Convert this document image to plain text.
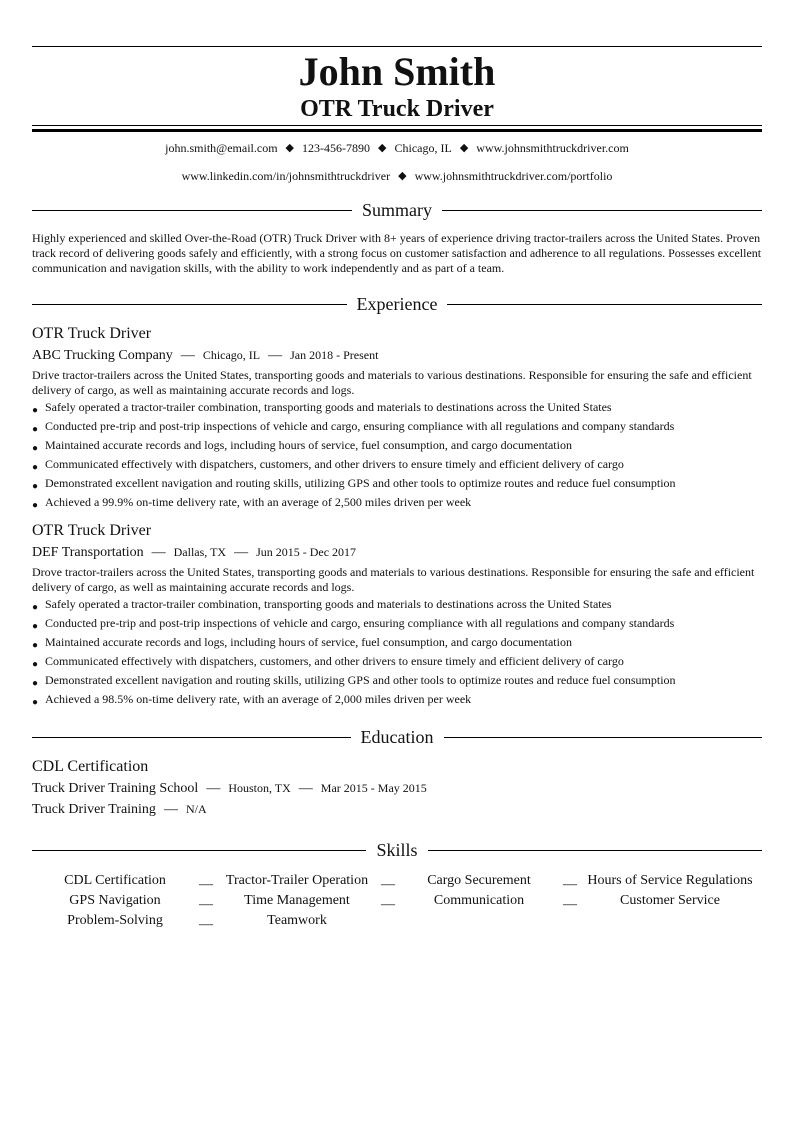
John Smith
OTR Truck Driver
john.smith@email.com ◆ 123-456-7890 ◆ Chicago, IL ◆ www.johnsmithtruckdriver.com
www.linkedin.com/in/johnsmithtruckdriver ◆ www.johnsmithtruckdriver.com/portfolio
Summary
Highly experienced and skilled Over-the-Road (OTR) Truck Driver with 8+ years of experience driving tractor-trailers across the United States. Proven track record of delivering goods safely and efficiently, with a strong focus on customer satisfaction and adherence to all regulations. Possesses excellent communication and navigation skills, with the ability to work independently and as part of a team.
Experience
OTR Truck Driver
ABC Trucking Company — Chicago, IL — Jan 2018 - Present
Drive tractor-trailers across the United States, transporting goods and materials to various destinations. Responsible for ensuring the safe and efficient delivery of cargo, as well as maintaining accurate records and logs.
● Safely operated a tractor-trailer combination, transporting goods and materials to destinations across the United States
● Conducted pre-trip and post-trip inspections of vehicle and cargo, ensuring compliance with all regulations and company standards
● Maintained accurate records and logs, including hours of service, fuel consumption, and cargo documentation
● Communicated effectively with dispatchers, customers, and other drivers to ensure timely and efficient delivery of cargo
● Demonstrated excellent navigation and routing skills, utilizing GPS and other tools to optimize routes and reduce fuel consumption
● Achieved a 99.9% on-time delivery rate, with an average of 2,500 miles driven per week
OTR Truck Driver
DEF Transportation — Dallas, TX — Jun 2015 - Dec 2017
Drove tractor-trailers across the United States, transporting goods and materials to various destinations. Responsible for ensuring the safe and efficient delivery of cargo, as well as maintaining accurate records and logs.
● Safely operated a tractor-trailer combination, transporting goods and materials to destinations across the United States
● Conducted pre-trip and post-trip inspections of vehicle and cargo, ensuring compliance with all regulations and company standards
● Maintained accurate records and logs, including hours of service, fuel consumption, and cargo documentation
● Communicated effectively with dispatchers, customers, and other drivers to ensure timely and efficient delivery of cargo
● Demonstrated excellent navigation and routing skills, utilizing GPS and other tools to optimize routes and reduce fuel consumption
● Achieved a 98.5% on-time delivery rate, with an average of 2,000 miles driven per week
Education
CDL Certification
Truck Driver Training School — Houston, TX — Mar 2015 - May 2015
Truck Driver Training — N/A
Skills
CDL Certification	— Tractor-Trailer Operation —	Cargo Securement	— Hours of Service Regulations
GPS Navigation	—	Time Management	—	Communication	—	Customer Service
Problem-Solving	—	Teamwork
